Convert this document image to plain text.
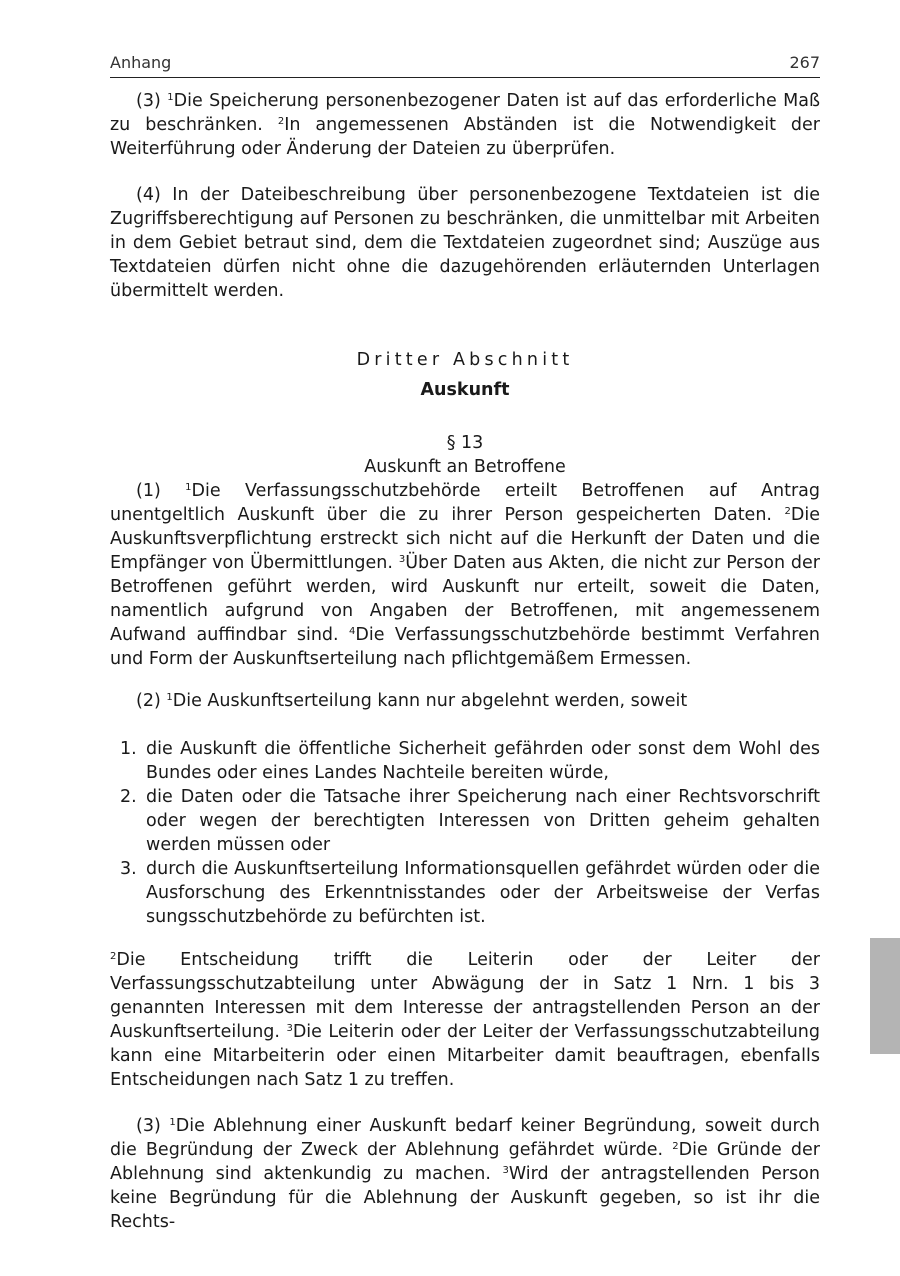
Anhang	267
(3) $^1$Die Speicherung personenbezogener Daten ist auf das erforderliche Maß zu beschränken. $^2$In angemessenen Abständen ist die Notwendigkeit der Weiterführung oder Änderung der Dateien zu überprüfen.
(4) In der Dateibeschreibung über personenbezogene Textdateien ist die Zugriffsberechtigung auf Personen zu beschränken, die unmittelbar mit Arbeiten in dem Gebiet betraut sind, dem die Textdateien zugeordnet sind; Auszüge aus Textdateien dürfen nicht ohne die dazugehörenden erläuternden Unterlagen übermittelt werden.
Dritter Abschnitt
Auskunft
§ 13
Auskunft an Betroffene
(1) $^1$Die Verfassungsschutzbehörde erteilt Betroffenen auf Antrag unentgeltlich Auskunft über die zu ihrer Person gespeicherten Daten. $^2$Die Auskunftsverpflichtung erstreckt sich nicht auf die Herkunft der Daten und die Empfänger von Übermittlungen. $^3$Über Daten aus Akten, die nicht zur Person der Betroffenen geführt werden, wird Auskunft nur erteilt, soweit die Daten, namentlich aufgrund von Angaben der Betroffenen, mit angemessenem Aufwand auffindbar sind. $^4$Die Verfassungsschutzbehörde bestimmt Verfahren und Form der Auskunftserteilung nach pflichtgemäßem Ermessen.
(2) $^1$Die Auskunftserteilung kann nur abgelehnt werden, soweit
1. die Auskunft die öffentliche Sicherheit gefährden oder sonst dem Wohl des Bundes oder eines Landes Nachteile bereiten würde,
2. die Daten oder die Tatsache ihrer Speicherung nach einer Rechtsvorschrift oder wegen der berechtigten Interessen von Dritten geheim gehalten werden müssen oder
3. durch die Auskunftserteilung Informationsquellen gefährdet würden oder die Ausforschung des Erkenntnisstandes oder der Arbeitsweise der Verfas sungsschutzbehörde zu befürchten ist.
$^2$Die Entscheidung trifft die Leiterin oder der Leiter der Verfassungsschutzabteilung unter Abwägung der in Satz 1 Nrn. 1 bis 3 genannten Interessen mit dem Interesse der antragstellenden Person an der Auskunftserteilung. $^3$Die Leiterin oder der Leiter der Verfassungsschutzabteilung kann eine Mitarbeiterin oder einen Mitarbeiter damit beauftragen, ebenfalls Entscheidungen nach Satz 1 zu treffen.
(3) $^1$Die Ablehnung einer Auskunft bedarf keiner Begründung, soweit durch die Begründung der Zweck der Ablehnung gefährdet würde. $^2$Die Gründe der Ablehnung sind aktenkundig zu machen. $^3$Wird der antragstellenden Person keine Begründung für die Ablehnung der Auskunft gegeben, so ist ihr die Rechts-
